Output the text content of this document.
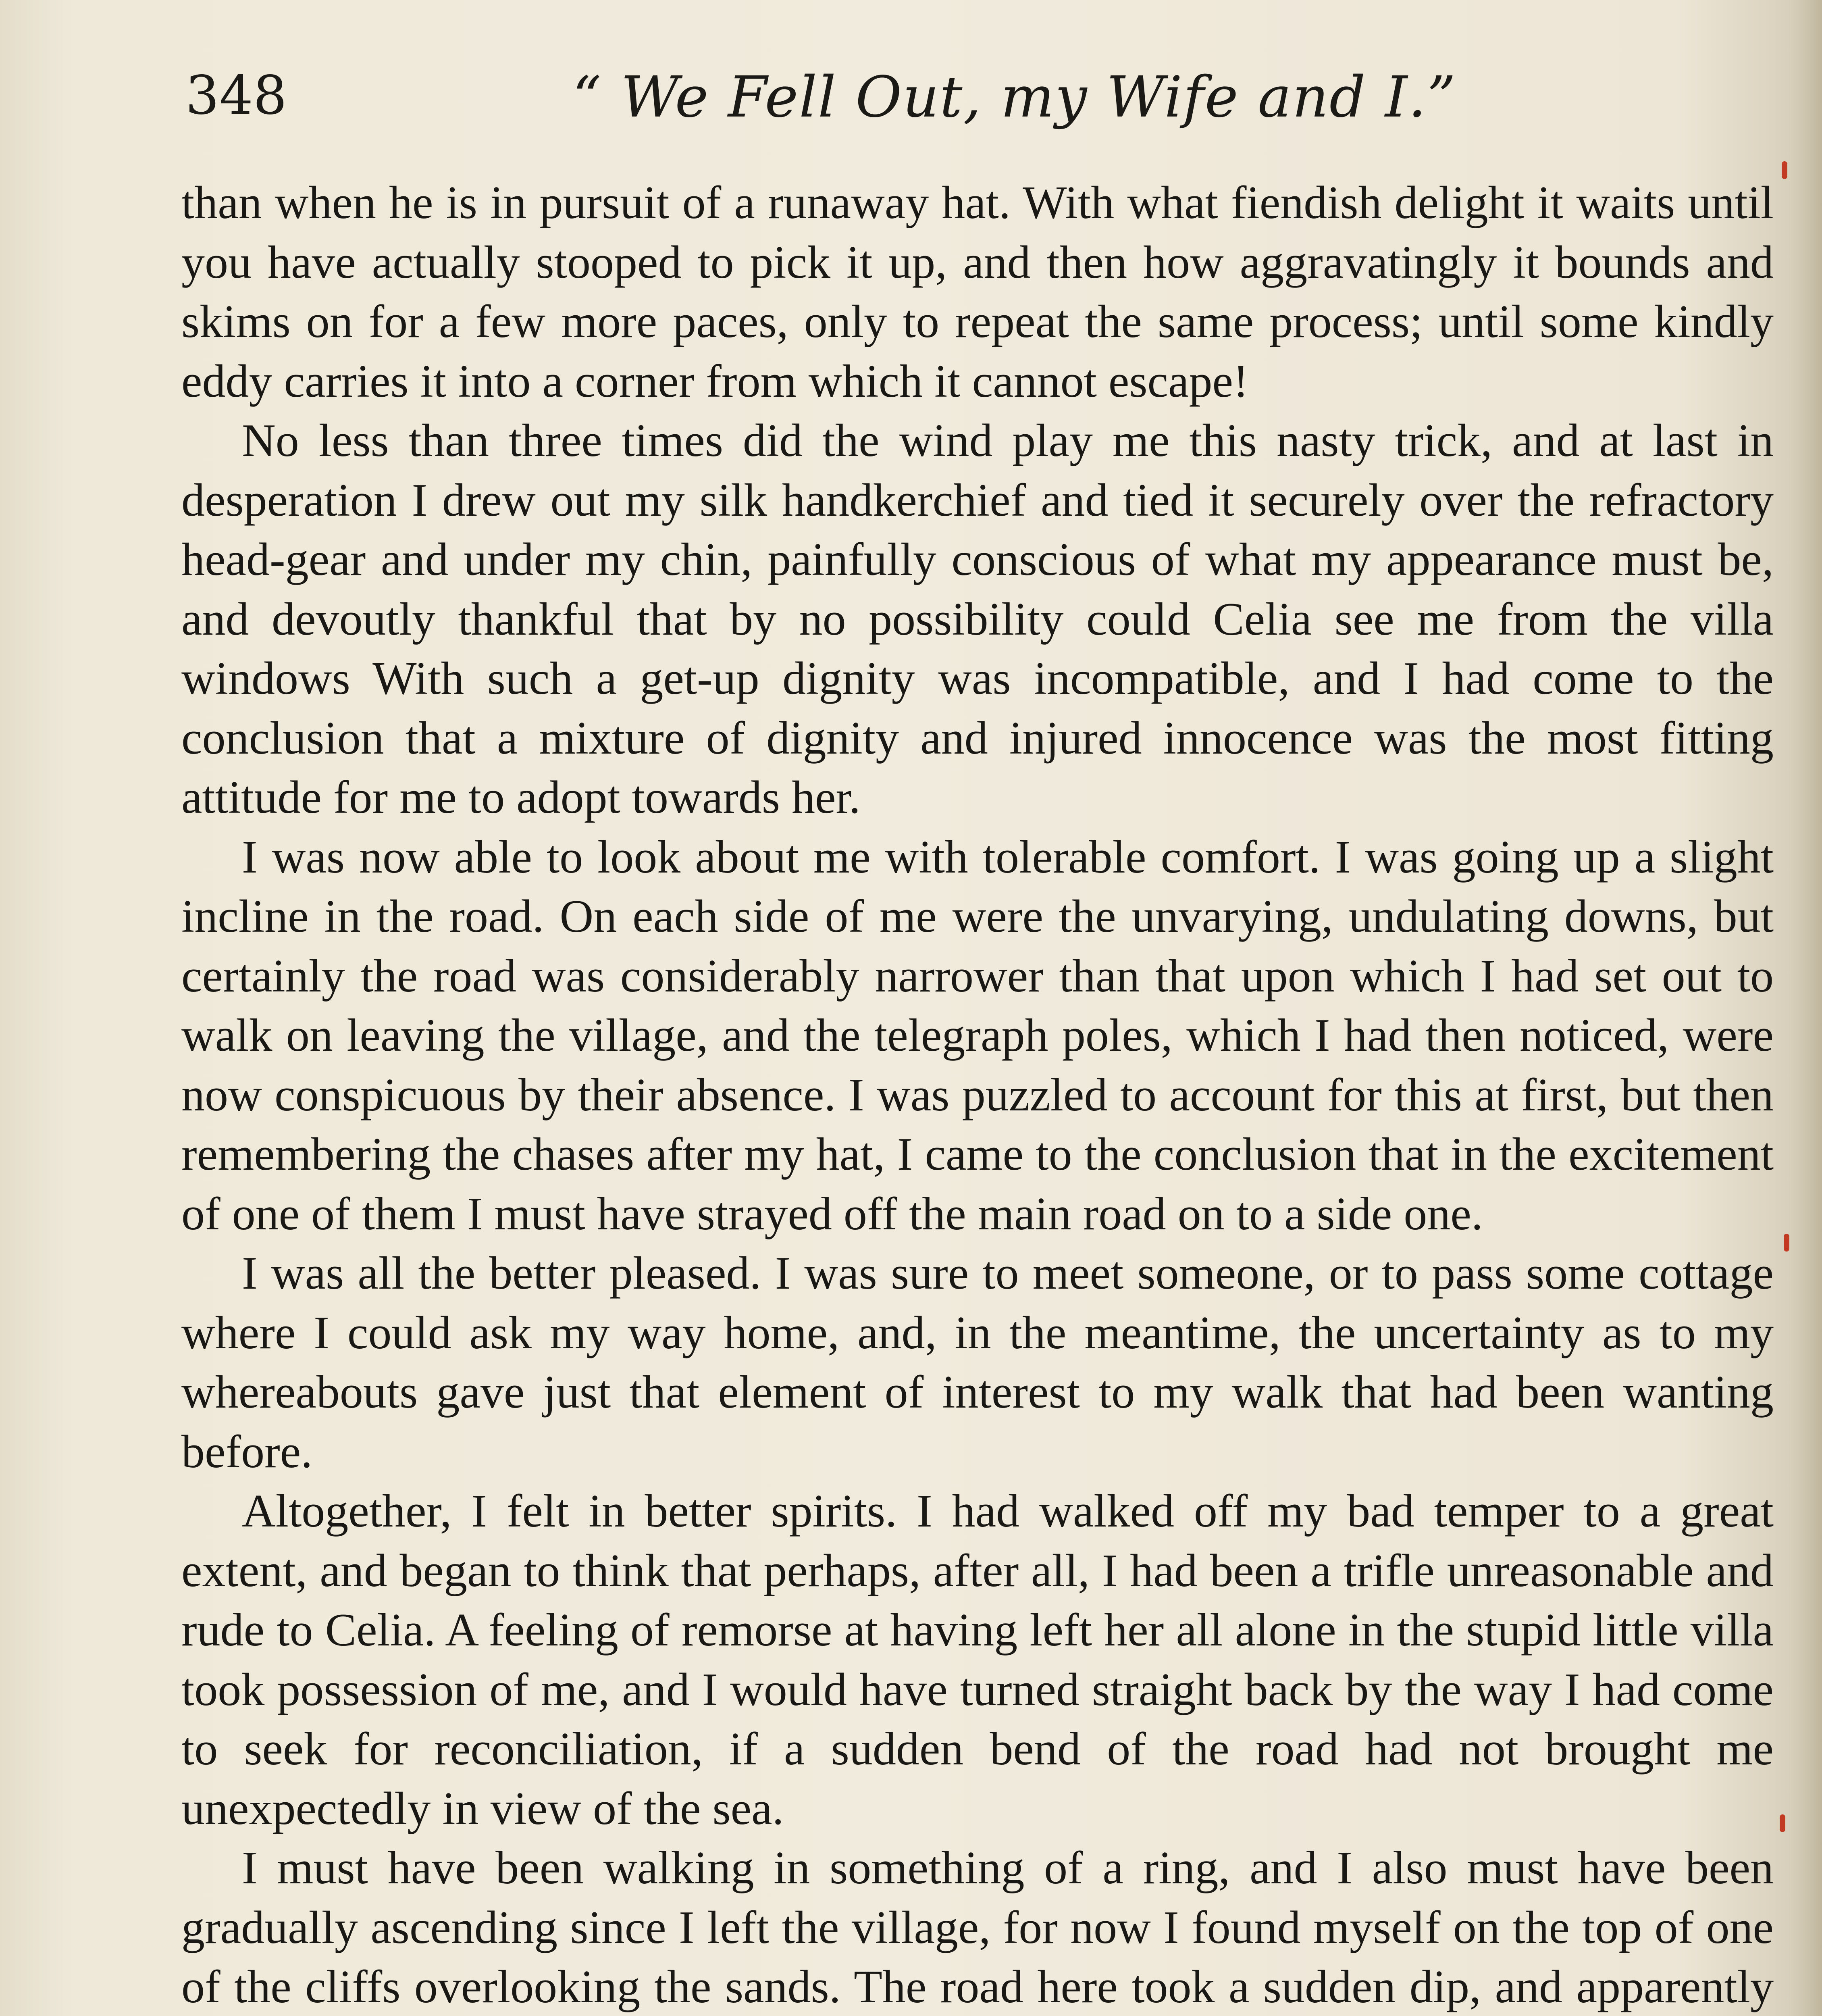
348	“ We Fell Out, my Wife and I.”

than when he is in pursuit of a runaway hat. With what fiendish delight it waits until you have actually stooped to pick it up, and then how aggravatingly it bounds and skims on for a few more paces, only to repeat the same process; until some kindly eddy carries it into a corner from which it cannot escape!

No less than three times did the wind play me this nasty trick, and at last in desperation I drew out my silk handkerchief and tied it securely over the refractory head-gear and under my chin, painfully conscious of what my appearance must be, and devoutly thankful that by no possibility could Celia see me from the villa windows With such a get-up dignity was incompatible, and I had come to the conclusion that a mixture of dignity and injured innocence was the most fitting attitude for me to adopt towards her.

I was now able to look about me with tolerable comfort. I was going up a slight incline in the road. On each side of me were the unvarying, undulating downs, but certainly the road was considerably narrower than that upon which I had set out to walk on leaving the village, and the telegraph poles, which I had then noticed, were now conspicuous by their absence. I was puzzled to account for this at first, but then remembering the chases after my hat, I came to the conclusion that in the excitement of one of them I must have strayed off the main road on to a side one.

I was all the better pleased. I was sure to meet someone, or to pass some cottage where I could ask my way home, and, in the meantime, the uncertainty as to my whereabouts gave just that element of interest to my walk that had been wanting before.

Altogether, I felt in better spirits. I had walked off my bad temper to a great extent, and began to think that perhaps, after all, I had been a trifle unreasonable and rude to Celia. A feeling of remorse at having left her all alone in the stupid little villa took possession of me, and I would have turned straight back by the way I had come to seek for reconciliation, if a sudden bend of the road had not brought me unexpectedly in view of the sea.

I must have been walking in something of a ring, and I also must have been gradually ascending since I left the village, for now I found myself on the top of one of the cliffs overlooking the sands. The road here took a sudden dip, and apparently
